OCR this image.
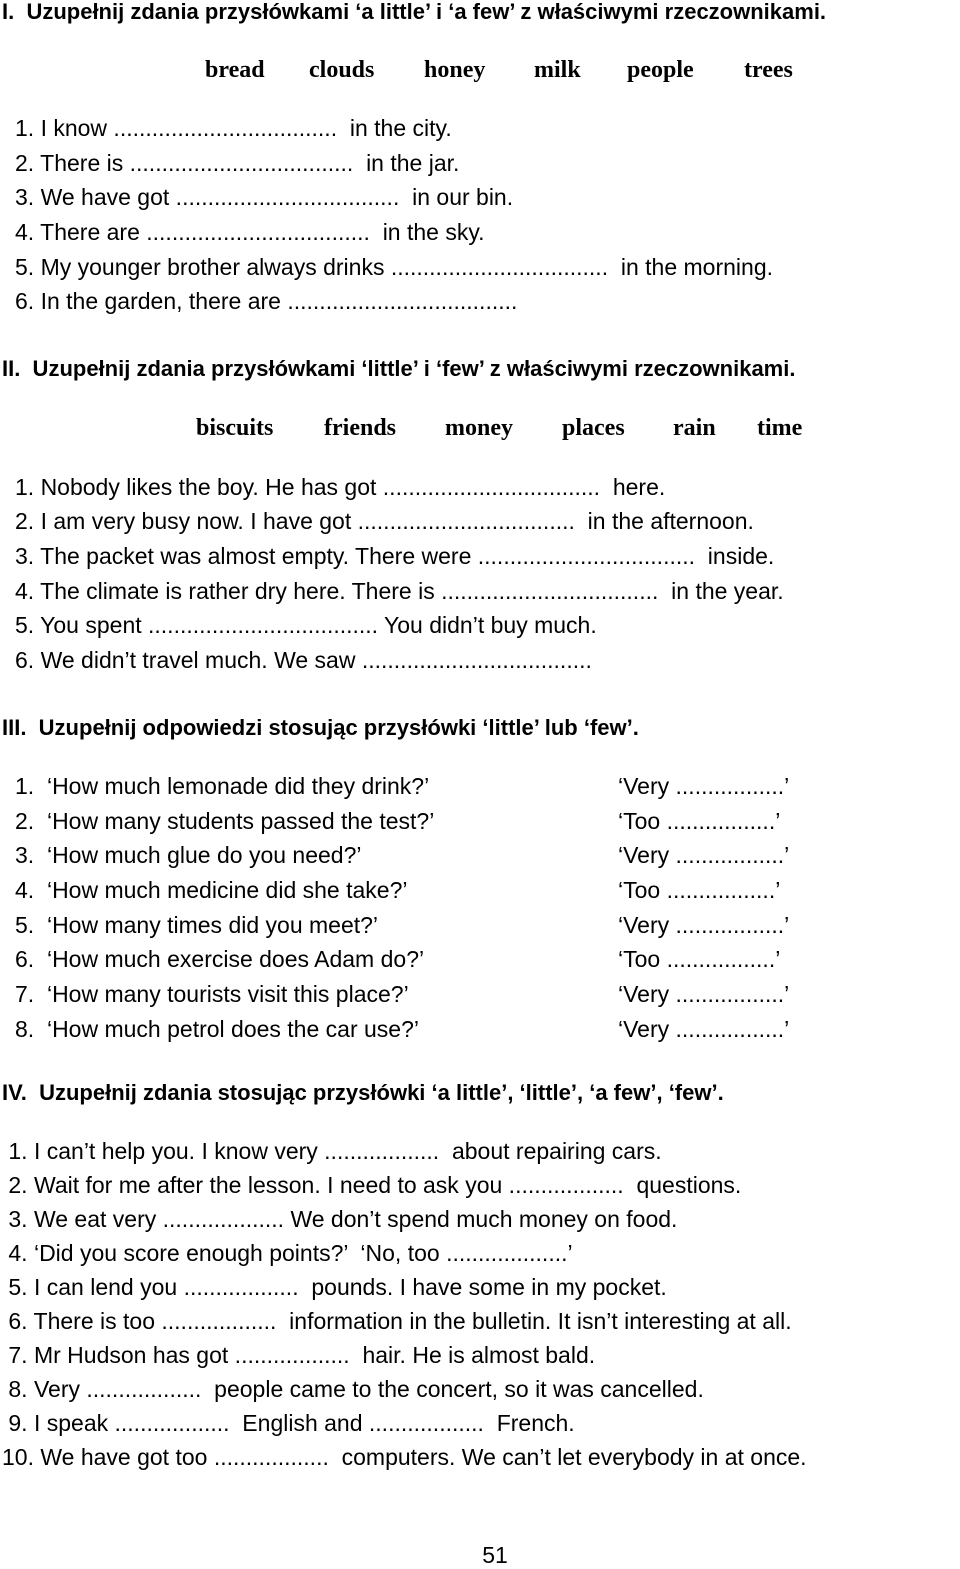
I.  Uzupełnij zdania przysłówkami ‘a little’ i ‘a few’ z właściwymi rzeczownikami.
bread clouds honey milk people trees
1. I know ...................................  in the city.
2. There is ...................................  in the jar.
3. We have got ...................................  in our bin.
4. There are ...................................  in the sky.
5. My younger brother always drinks ..................................  in the morning.
6. In the garden, there are ....................................
II.  Uzupełnij zdania przysłówkami ‘little’ i ‘few’ z właściwymi rzeczownikami.
biscuits friends money places rain time
1. Nobody likes the boy. He has got ..................................  here.
2. I am very busy now. I have got ..................................  in the afternoon.
3. The packet was almost empty. There were ..................................  inside.
4. The climate is rather dry here. There is ..................................  in the year.
5. You spent .................................... You didn’t buy much.
6. We didn’t travel much. We saw ....................................
III.  Uzupełnij odpowiedzi stosując przysłówki ‘little’ lub ‘few’.
1.  ‘How much lemonade did they drink?’	‘Very .................’
2.  ‘How many students passed the test?’	‘Too .................’
3.  ‘How much glue do you need?’	‘Very .................’
4.  ‘How much medicine did she take?’	‘Too .................’
5.  ‘How many times did you meet?’	‘Very .................’
6.  ‘How much exercise does Adam do?’	‘Too .................’
7.  ‘How many tourists visit this place?’	‘Very .................’
8.  ‘How much petrol does the car use?’	‘Very .................’
IV.  Uzupełnij zdania stosując przysłówki ‘a little’, ‘little’, ‘a few’, ‘few’.
1. I can’t help you. I know very ..................  about repairing cars.
2. Wait for me after the lesson. I need to ask you ..................  questions.
3. We eat very ................... We don’t spend much money on food.
4. ‘Did you score enough points?’  ‘No, too ...................’
5. I can lend you ..................  pounds. I have some in my pocket.
6. There is too ..................  information in the bulletin. It isn’t interesting at all.
7. Mr Hudson has got ..................  hair. He is almost bald.
8. Very ..................  people came to the concert, so it was cancelled.
9. I speak ..................  English and ..................  French.
10. We have got too ..................  computers. We can’t let everybody in at once.
51
